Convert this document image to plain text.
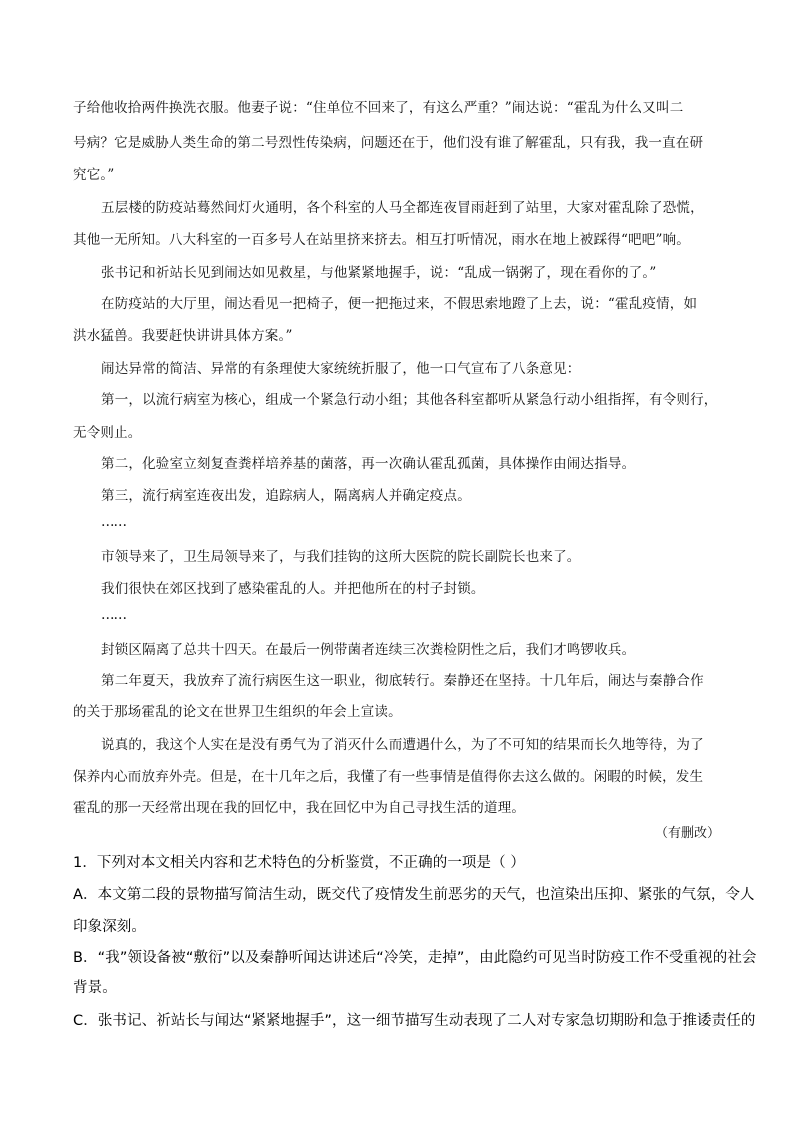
子给他收拾两件换洗衣服。他妻子说：“住单位不回来了，有这么严重？”闹达说：“霍乱为什么又叫二
号病？它是威胁人类生命的第二号烈性传染病，问题还在于，他们没有谁了解霍乱，只有我，我一直在研
究它。”
五层楼的防疫站蓦然间灯火通明，各个科室的人马全都连夜冒雨赶到了站里，大家对霍乱除了恐慌，
其他一无所知。八大科室的一百多号人在站里挤来挤去。相互打听情况，雨水在地上被踩得“吧吧”响。
张书记和祈站长见到闹达如见救星，与他紧紧地握手，说：“乱成一锅粥了，现在看你的了。”
在防疫站的大厅里，闹达看见一把椅子，便一把拖过来，不假思索地蹬了上去，说：“霍乱疫情，如
洪水猛兽。我要赶快讲讲具体方案。”
闹达异常的简洁、异常的有条理使大家统统折服了，他一口气宣布了八条意见：
第一，以流行病室为核心，组成一个紧急行动小组；其他各科室都听从紧急行动小组指挥，有令则行，
无令则止。
第二，化验室立刻复查粪样培养基的菌落，再一次确认霍乱孤菌，具体操作由闹达指导。
第三，流行病室连夜出发，追踪病人，隔离病人并确定疫点。
……
市领导来了，卫生局领导来了，与我们挂钩的这所大医院的院长副院长也来了。
我们很快在郊区找到了感染霍乱的人。并把他所在的村子封锁。
……
封锁区隔离了总共十四天。在最后一例带菌者连续三次粪检阴性之后，我们才鸣锣收兵。
第二年夏天，我放弃了流行病医生这一职业，彻底转行。秦静还在坚持。十几年后，闹达与秦静合作
的关于那场霍乱的论文在世界卫生组织的年会上宣读。
说真的，我这个人实在是没有勇气为了消灭什么而遭遇什么，为了不可知的结果而长久地等待，为了
保养内心而放弃外壳。但是，在十几年之后，我懂了有一些事情是值得你去这么做的。闲暇的时候，发生
霍乱的那一天经常出现在我的回忆中，我在回忆中为自己寻找生活的道理。
（有删改）
1．下列对本文相关内容和艺术特色的分析鉴赏，不正确的一项是（ ）
A．本文第二段的景物描写简洁生动，既交代了疫情发生前恶劣的天气，也渲染出压抑、紧张的气氛，令人
印象深刻。
B．“我”领设备被“敷衍”以及秦静听闻达讲述后“冷笑，走掉”，由此隐约可见当时防疫工作不受重视的社会
背景。
C．张书记、祈站长与闻达“紧紧地握手”，这一细节描写生动表现了二人对专家急切期盼和急于推诿责任的
